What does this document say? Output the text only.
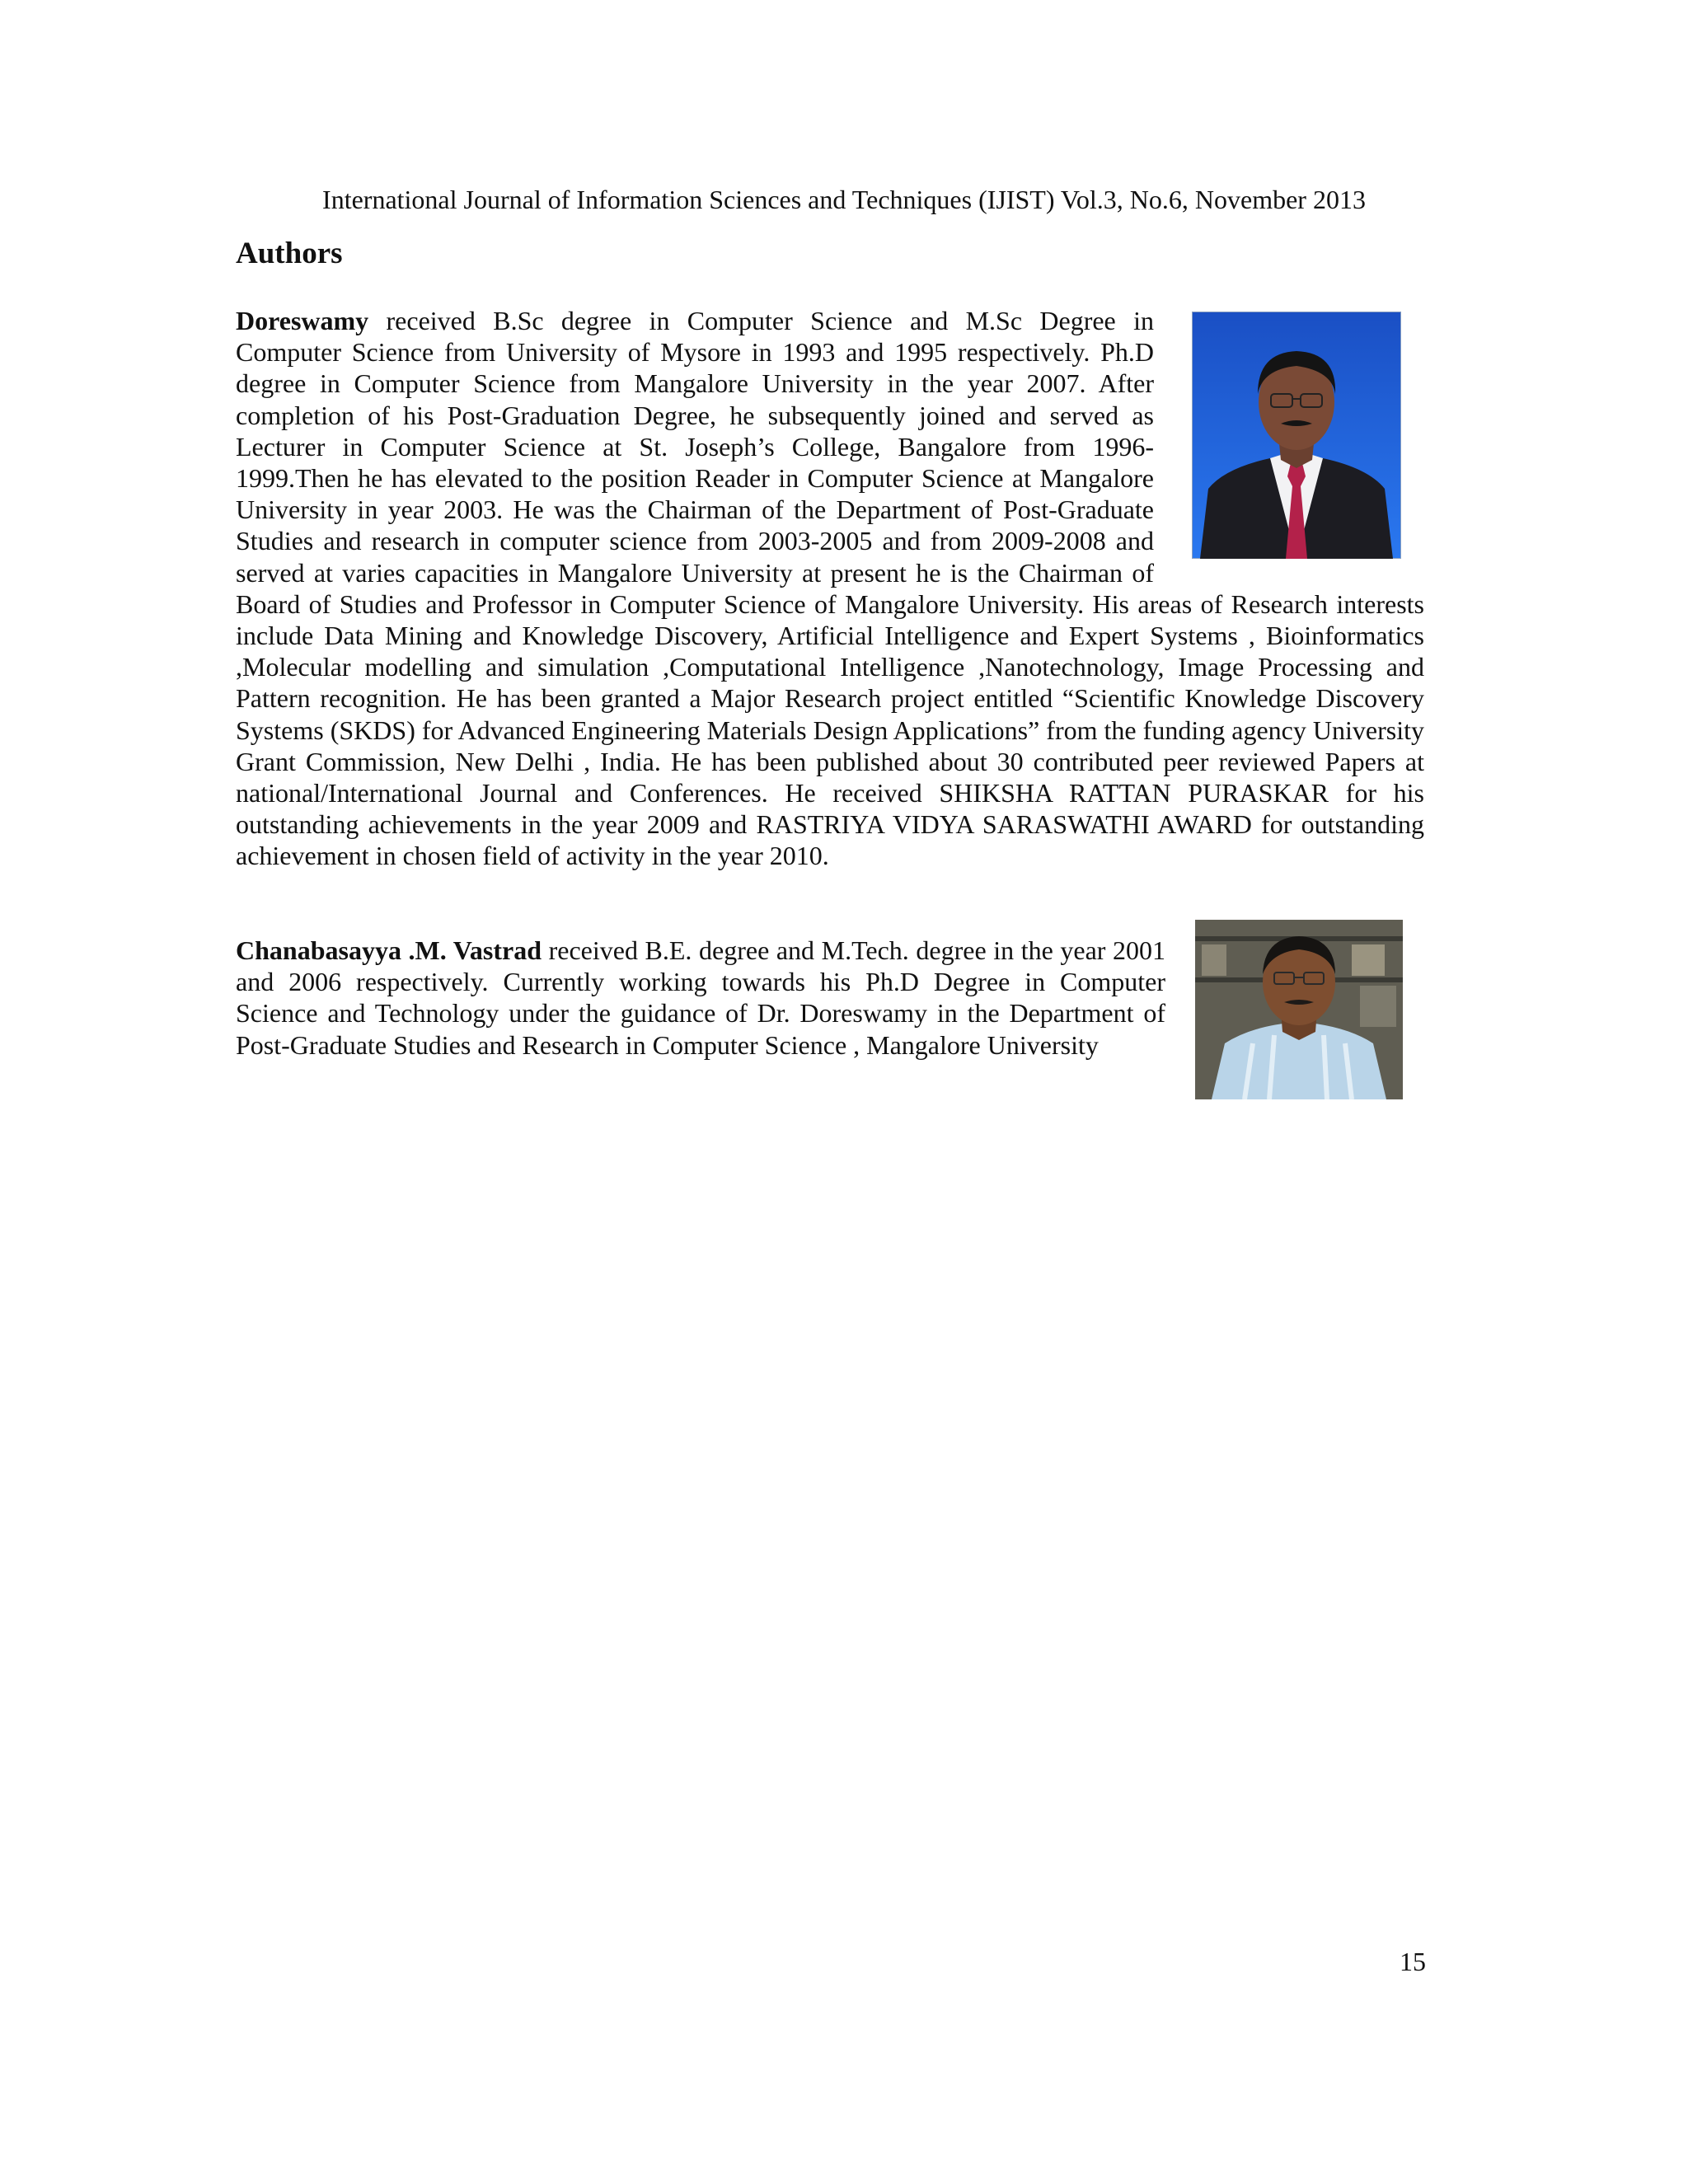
International Journal of Information Sciences and Techniques (IJIST) Vol.3, No.6, November 2013
Authors
Doreswamy received B.Sc degree in Computer Science and M.Sc Degree in Computer Science from University of Mysore in 1993 and 1995 respectively. Ph.D degree in Computer Science from Mangalore University in the year 2007. After completion of his Post-Graduation Degree, he subsequently joined and served as Lecturer in Computer Science at St. Joseph’s College, Bangalore from 1996-1999.Then he has elevated to the position Reader in Computer Science at Mangalore University in year 2003. He was the Chairman of the Department of Post-Graduate Studies and research in computer science from 2003-2005 and from 2009-2008 and served at varies capacities in Mangalore University at present he is the Chairman of Board of Studies and Professor in Computer Science of Mangalore University. His areas of Research interests include Data Mining and Knowledge Discovery, Artificial Intelligence and Expert Systems , Bioinformatics ,Molecular modelling and simulation ,Computational Intelligence ,Nanotechnology, Image Processing and Pattern recognition. He has been granted a Major Research project entitled “Scientific Knowledge Discovery Systems (SKDS) for Advanced Engineering Materials Design Applications” from the funding agency University Grant Commission, New Delhi , India. He has been published about 30 contributed peer reviewed Papers at national/International Journal and Conferences. He received SHIKSHA RATTAN PURASKAR for his outstanding achievements in the year 2009 and RASTRIYA VIDYA SARASWATHI AWARD for outstanding achievement in chosen field of activity in the year 2010.
Chanabasayya .M. Vastrad received B.E. degree and M.Tech. degree in the year 2001 and 2006 respectively. Currently working towards his Ph.D Degree in Computer Science and Technology under the guidance of Dr. Doreswamy in the Department of Post-Graduate Studies and Research in Computer Science , Mangalore University
15
